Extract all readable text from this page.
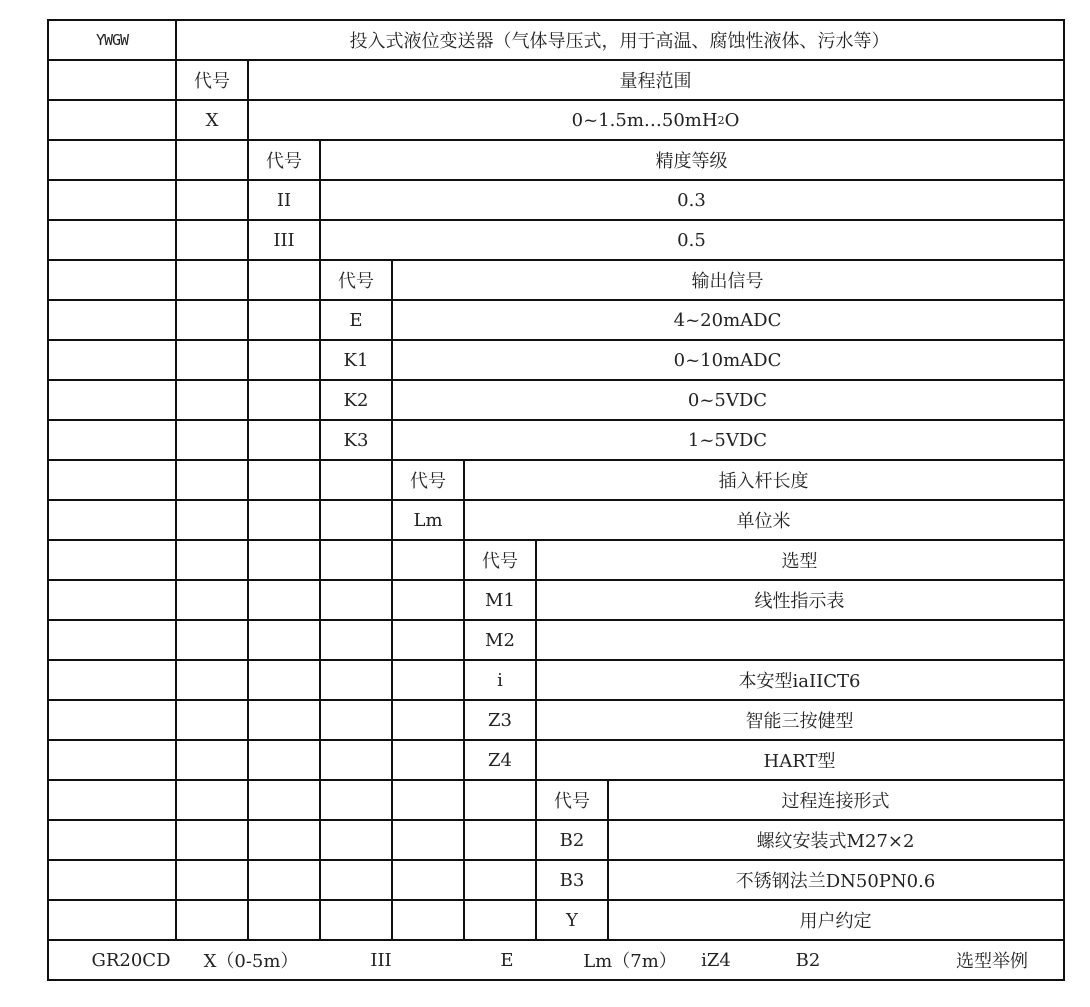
YWGW	投入式液位变送器（气体导压式，用于高温、腐蚀性液体、污水等）
代号	量程范围
X	0~1.5m…50mH 2 O
代号	精度等级
II	0.3
III	0.5
代号	输出信号
E	4~20mADC
K1	0~10mADC
K2	0~5VDC
K3	1~5VDC
代号	插入杆长度
Lm	单位米
代号	选型
M1	线性指示表
M2
i	本安型iaIICT6
Z3	智能三按健型
Z4	HART型
代号	过程连接形式
B2	螺纹安装式M27×2
B3	不锈钢法兰DN50PN0.6
Y	用户约定
GR20CD	X（0-5m）	III	E	Lm（7m）	iZ4	B2	选型举例
